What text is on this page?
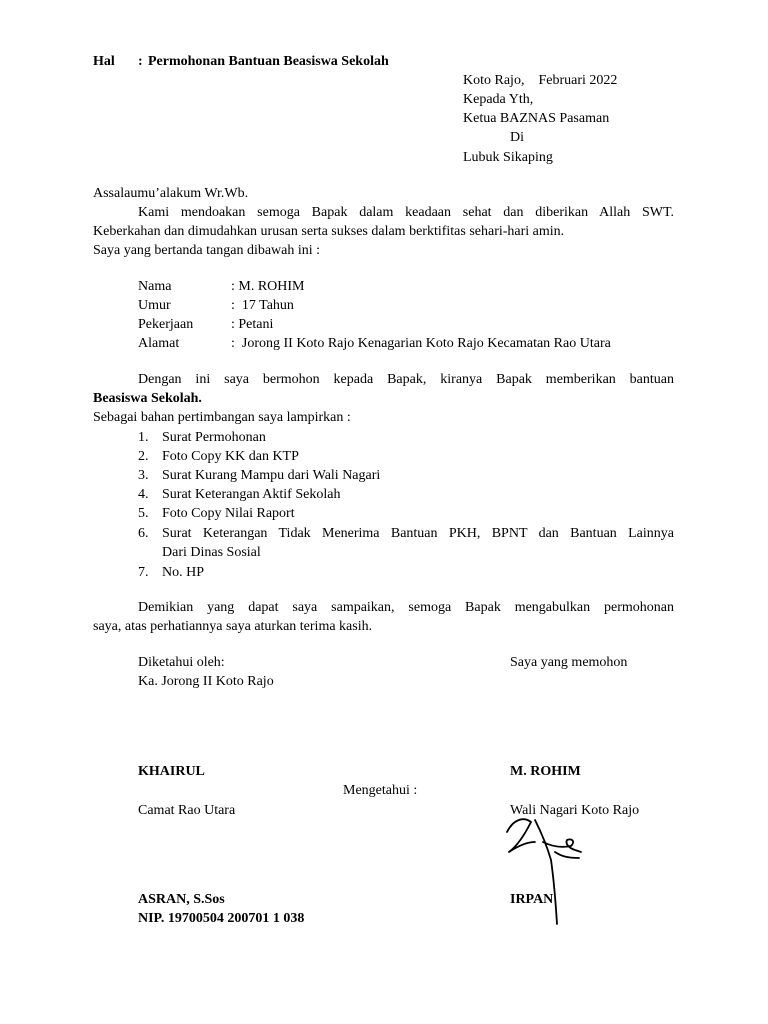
Hal : Permohonan Bantuan Beasiswa Sekolah
Koto Rajo,    Februari 2022
Kepada Yth,
Ketua BAZNAS Pasaman
Di
Lubuk Sikaping
Assalaumu’alakum Wr.Wb.
Kami mendoakan semoga Bapak dalam keadaan sehat dan diberikan Allah SWT.
Keberkahan dan dimudahkan urusan serta sukses dalam berktifitas sehari-hari amin.
Saya yang bertanda tangan dibawah ini :
Nama	: M. ROHIM
Umur	:  17 Tahun
Pekerjaan	: Petani
Alamat	:  Jorong II Koto Rajo Kenagarian Koto Rajo Kecamatan Rao Utara
Dengan ini saya bermohon kepada Bapak, kiranya Bapak memberikan bantuan
Beasiswa Sekolah.
Sebagai bahan pertimbangan saya lampirkan :
1. Surat Permohonan
2. Foto Copy KK dan KTP
3. Surat Kurang Mampu dari Wali Nagari
4. Surat Keterangan Aktif Sekolah
5. Foto Copy Nilai Raport
6. Surat Keterangan Tidak Menerima Bantuan PKH, BPNT dan Bantuan Lainnya
Dari Dinas Sosial
7. No. HP
Demikian yang dapat saya sampaikan, semoga Bapak mengabulkan permohonan
saya, atas perhatiannya saya aturkan terima kasih.
Diketahui oleh:	Saya yang memohon
Ka. Jorong II Koto Rajo
KHAIRUL	M. ROHIM
Mengetahui :
Camat Rao Utara	Wali Nagari Koto Rajo
ASRAN, S.Sos	IRPAN
NIP. 19700504 200701 1 038
